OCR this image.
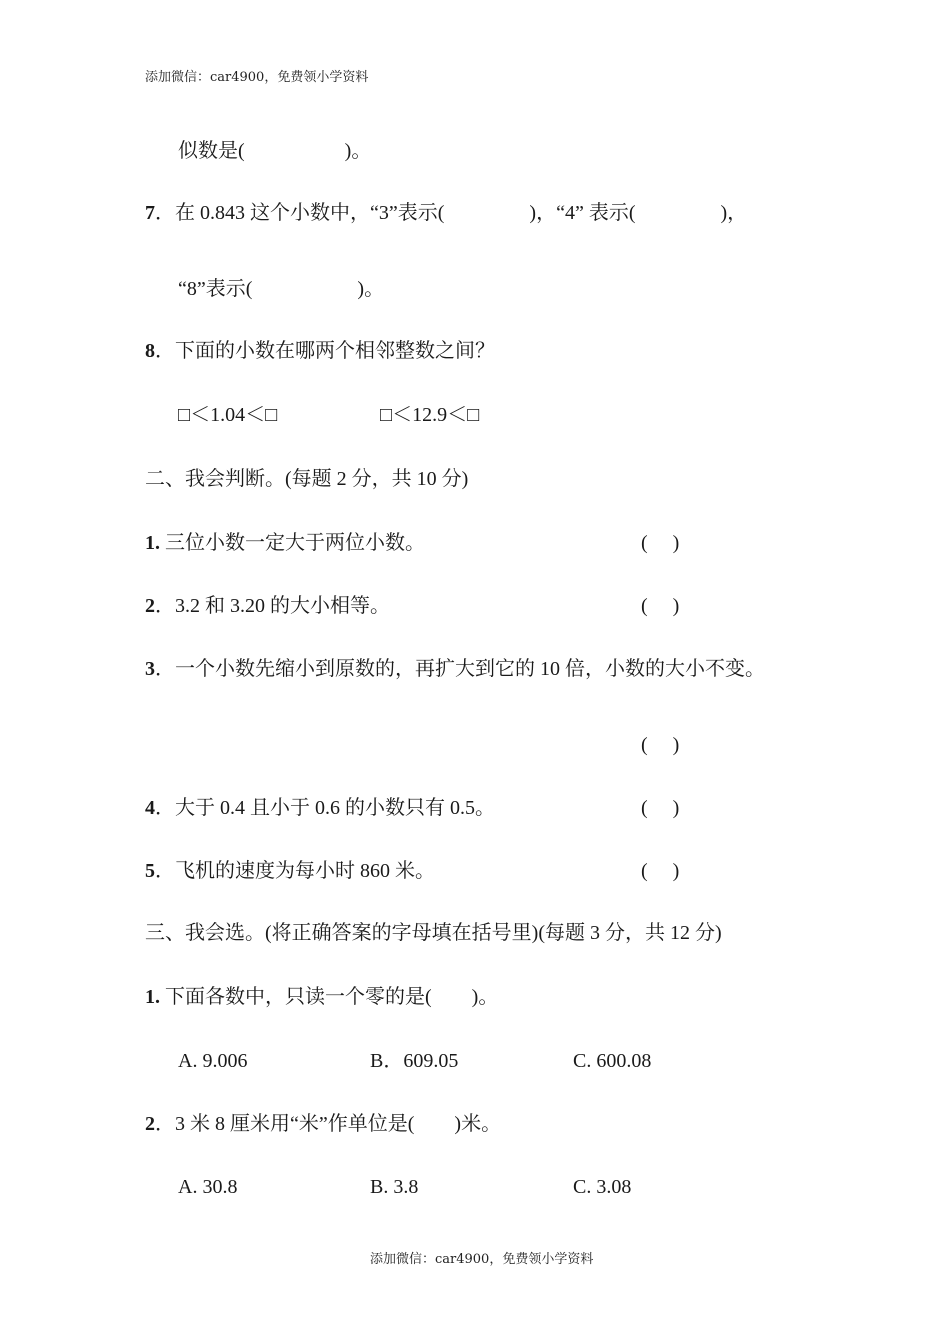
添加微信：car4900，免费领小学资料
似数是(　　　　　)。
7．在 0.843 这个小数中，“3”表示(　　　　 )，“4” 表示(　　　　 )，
“8”表示(　　　　　 )。
8．下面的小数在哪两个相邻整数之间？
□＜1.04＜□	□＜12.9＜□
二、我会判断。(每题 2 分，共 10 分)
1. 三位小数一定大于两位小数。	(　 )
2．3.2 和 3.20 的大小相等。	(　 )
3．一个小数先缩小到原数的，再扩大到它的 10 倍，小数的大小不变。
(　 )
4．大于 0.4 且小于 0.6 的小数只有 0.5。	(　 )
5．飞机的速度为每小时 860 米。	(　 )
三、我会选。(将正确答案的字母填在括号里)(每题 3 分，共 12 分)
1. 下面各数中，只读一个零的是(　　)。
A. 9.006	B．609.05	C. 600.08
2．3 米 8 厘米用“米”作单位是(　　)米。
A. 30.8	B. 3.8	C. 3.08
添加微信：car4900，免费领小学资料
